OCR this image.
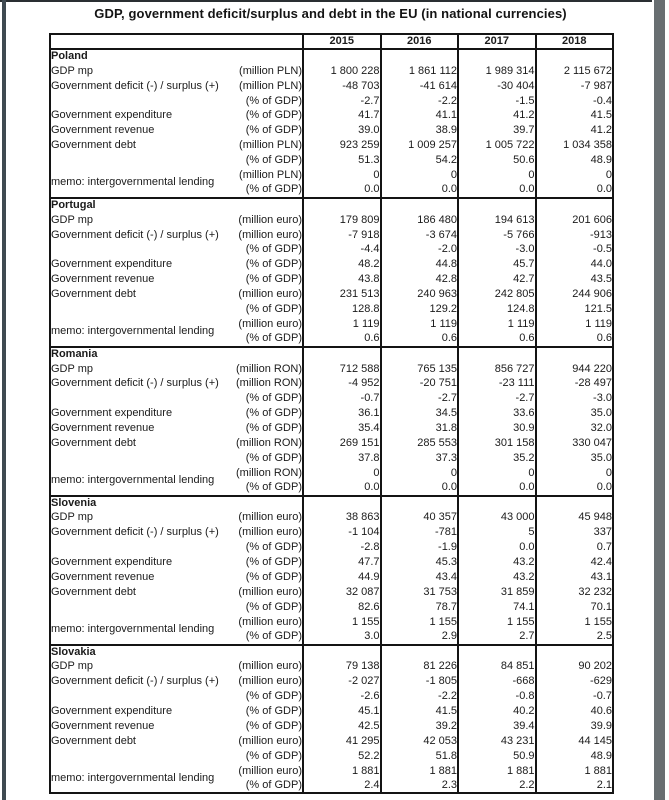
GDP, government deficit/surplus and debt in the EU (in national currencies)
		2015	2016	2017	2018
Poland					
GDP mp	(million PLN)	1 800 228	1 861 112	1 989 314	2 115 672
Government deficit (-) / surplus (+)	(million PLN)	-48 703	-41 614	-30 404	-7 987
	(% of GDP)	-2.7	-2.2	-1.5	-0.4
Government expenditure	(% of GDP)	41.7	41.1	41.2	41.5
Government revenue	(% of GDP)	39.0	38.9	39.7	41.2
Government debt	(million PLN)	923 259	1 009 257	1 005 722	1 034 358
	(% of GDP)	51.3	54.2	50.6	48.9
memo: intergovernmental lending	(million PLN)	0	0	0	0
	(% of GDP)	0.0	0.0	0.0	0.0
Portugal					
GDP mp	(million euro)	179 809	186 480	194 613	201 606
Government deficit (-) / surplus (+)	(million euro)	-7 918	-3 674	-5 766	-913
	(% of GDP)	-4.4	-2.0	-3.0	-0.5
Government expenditure	(% of GDP)	48.2	44.8	45.7	44.0
Government revenue	(% of GDP)	43.8	42.8	42.7	43.5
Government debt	(million euro)	231 513	240 963	242 805	244 906
	(% of GDP)	128.8	129.2	124.8	121.5
memo: intergovernmental lending	(million euro)	1 119	1 119	1 119	1 119
	(% of GDP)	0.6	0.6	0.6	0.6
Romania					
GDP mp	(million RON)	712 588	765 135	856 727	944 220
Government deficit (-) / surplus (+)	(million RON)	-4 952	-20 751	-23 111	-28 497
	(% of GDP)	-0.7	-2.7	-2.7	-3.0
Government expenditure	(% of GDP)	36.1	34.5	33.6	35.0
Government revenue	(% of GDP)	35.4	31.8	30.9	32.0
Government debt	(million RON)	269 151	285 553	301 158	330 047
	(% of GDP)	37.8	37.3	35.2	35.0
memo: intergovernmental lending	(million RON)	0	0	0	0
	(% of GDP)	0.0	0.0	0.0	0.0
Slovenia					
GDP mp	(million euro)	38 863	40 357	43 000	45 948
Government deficit (-) / surplus (+)	(million euro)	-1 104	-781	5	337
	(% of GDP)	-2.8	-1.9	0.0	0.7
Government expenditure	(% of GDP)	47.7	45.3	43.2	42.4
Government revenue	(% of GDP)	44.9	43.4	43.2	43.1
Government debt	(million euro)	32 087	31 753	31 859	32 232
	(% of GDP)	82.6	78.7	74.1	70.1
memo: intergovernmental lending	(million euro)	1 155	1 155	1 155	1 155
	(% of GDP)	3.0	2.9	2.7	2.5
Slovakia					
GDP mp	(million euro)	79 138	81 226	84 851	90 202
Government deficit (-) / surplus (+)	(million euro)	-2 027	-1 805	-668	-629
	(% of GDP)	-2.6	-2.2	-0.8	-0.7
Government expenditure	(% of GDP)	45.1	41.5	40.2	40.6
Government revenue	(% of GDP)	42.5	39.2	39.4	39.9
Government debt	(million euro)	41 295	42 053	43 231	44 145
	(% of GDP)	52.2	51.8	50.9	48.9
memo: intergovernmental lending	(million euro)	1 881	1 881	1 881	1 881
	(% of GDP)	2.4	2.3	2.2	2.1
